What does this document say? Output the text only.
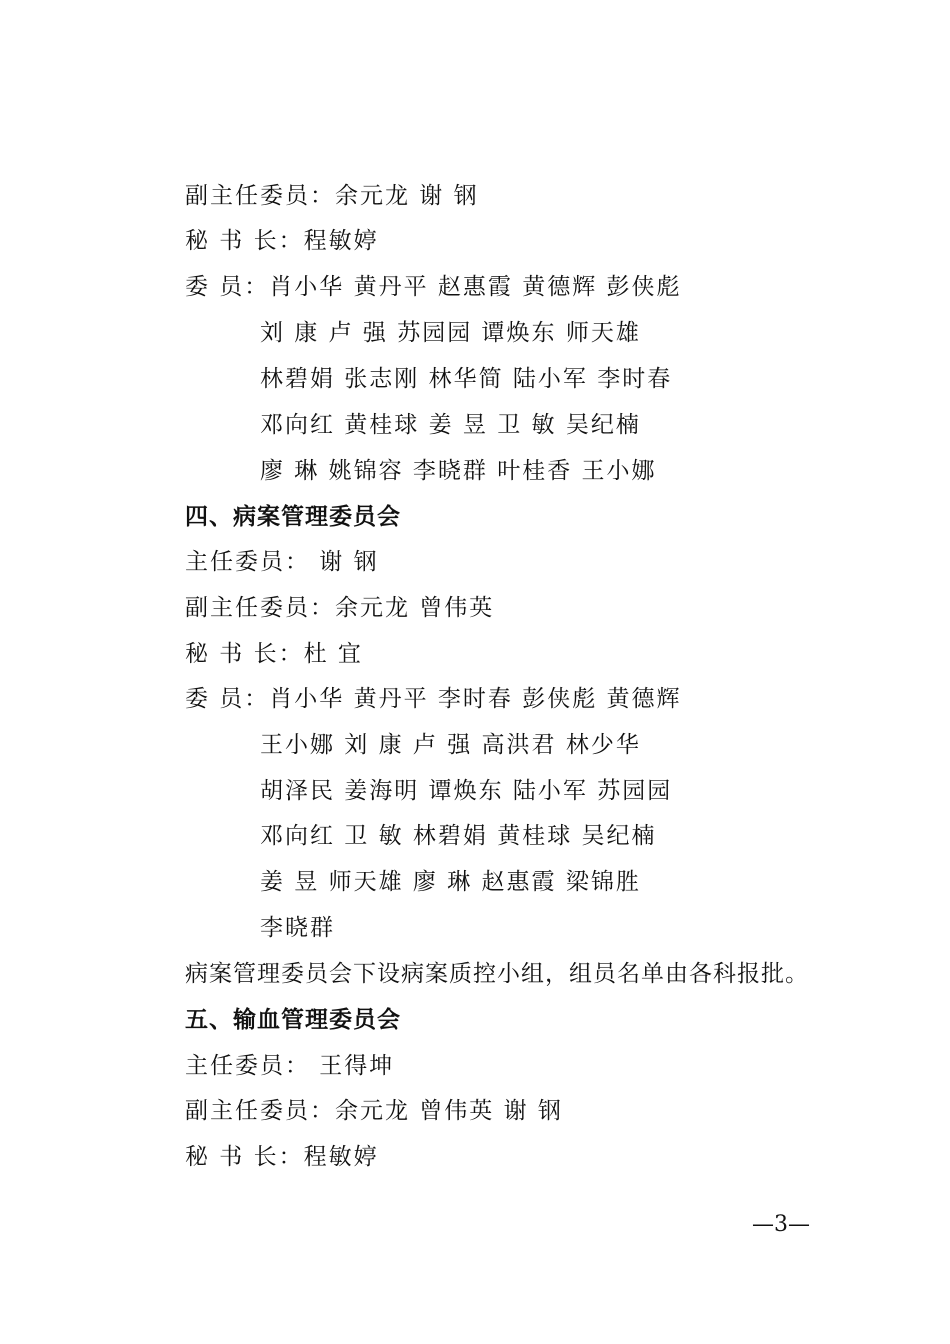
副主任委员：余元龙 谢 钢
秘 书 长：程敏婷
委 员：肖小华 黄丹平 赵惠霞 黄德辉 彭侠彪
刘 康 卢 强 苏园园 谭焕东 师天雄
林碧娟 张志刚 林华简 陆小军 李时春
邓向红 黄桂球 姜 昱 卫 敏 吴纪楠
廖 琳 姚锦容 李晓群 叶桂香 王小娜
四、病案管理委员会
主任委员： 谢 钢
副主任委员：余元龙 曾伟英
秘 书 长：杜 宜
委 员：肖小华 黄丹平 李时春 彭侠彪 黄德辉
王小娜 刘 康 卢 强 高洪君 林少华
胡泽民 姜海明 谭焕东 陆小军 苏园园
邓向红 卫 敏 林碧娟 黄桂球 吴纪楠
姜 昱 师天雄 廖 琳 赵惠霞 梁锦胜
李晓群
病案管理委员会下设病案质控小组，组员名单由各科报批。
五、输血管理委员会
主任委员： 王得坤
副主任委员：余元龙 曾伟英 谢 钢
秘 书 长：程敏婷
—3—
